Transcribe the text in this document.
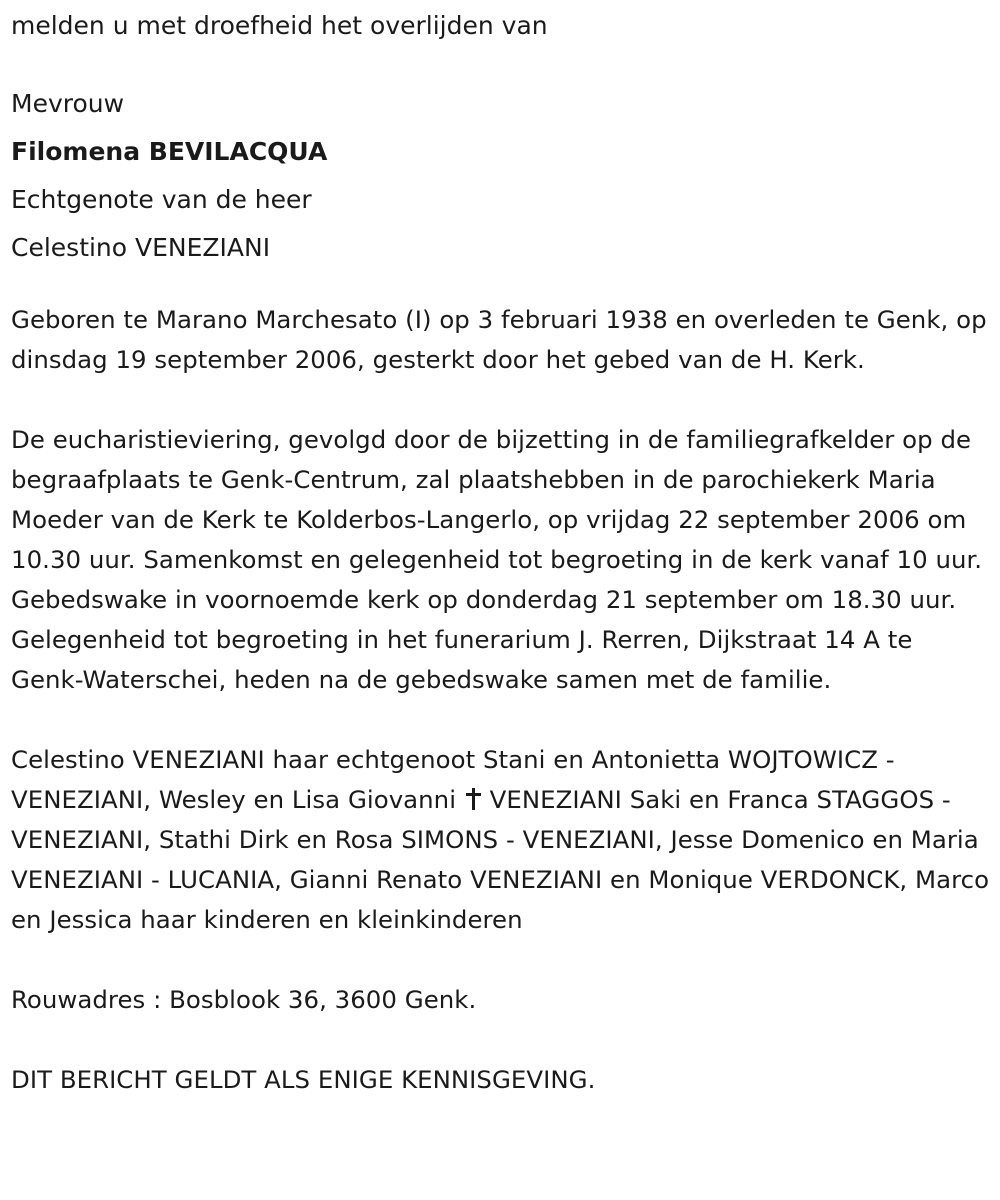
melden u met droefheid het overlijden van

Mevrouw

Filomena BEVILACQUA

Echtgenote van de heer

Celestino VENEZIANI

Geboren te Marano Marchesato (I) op 3 februari 1938 en overleden te Genk, op dinsdag 19 september 2006, gesterkt door het gebed van de H. Kerk.

De eucharistieviering, gevolgd door de bijzetting in de familiegrafkelder op de begraafplaats te Genk-Centrum, zal plaatshebben in de parochiekerk Maria Moeder van de Kerk te Kolderbos-Langerlo, op vrijdag 22 september 2006 om 10.30 uur. Samenkomst en gelegenheid tot begroeting in de kerk vanaf 10 uur. Gebedswake in voornoemde kerk op donderdag 21 september om 18.30 uur. Gelegenheid tot begroeting in het funerarium J. Rerren, Dijkstraat 14 A te Genk-Waterschei, heden na de gebedswake samen met de familie.

Celestino VENEZIANI haar echtgenoot Stani en Antonietta WOJTOWICZ - VENEZIANI, Wesley en Lisa Giovanni VENEZIANI Saki en Franca STAGGOS - VENEZIANI, Stathi Dirk en Rosa SIMONS - VENEZIANI, Jesse Domenico en Maria VENEZIANI - LUCANIA, Gianni Renato VENEZIANI en Monique VERDONCK, Marco en Jessica haar kinderen en kleinkinderen

Rouwadres : Bosblook 36, 3600 Genk.

DIT BERICHT GELDT ALS ENIGE KENNISGEVING.
